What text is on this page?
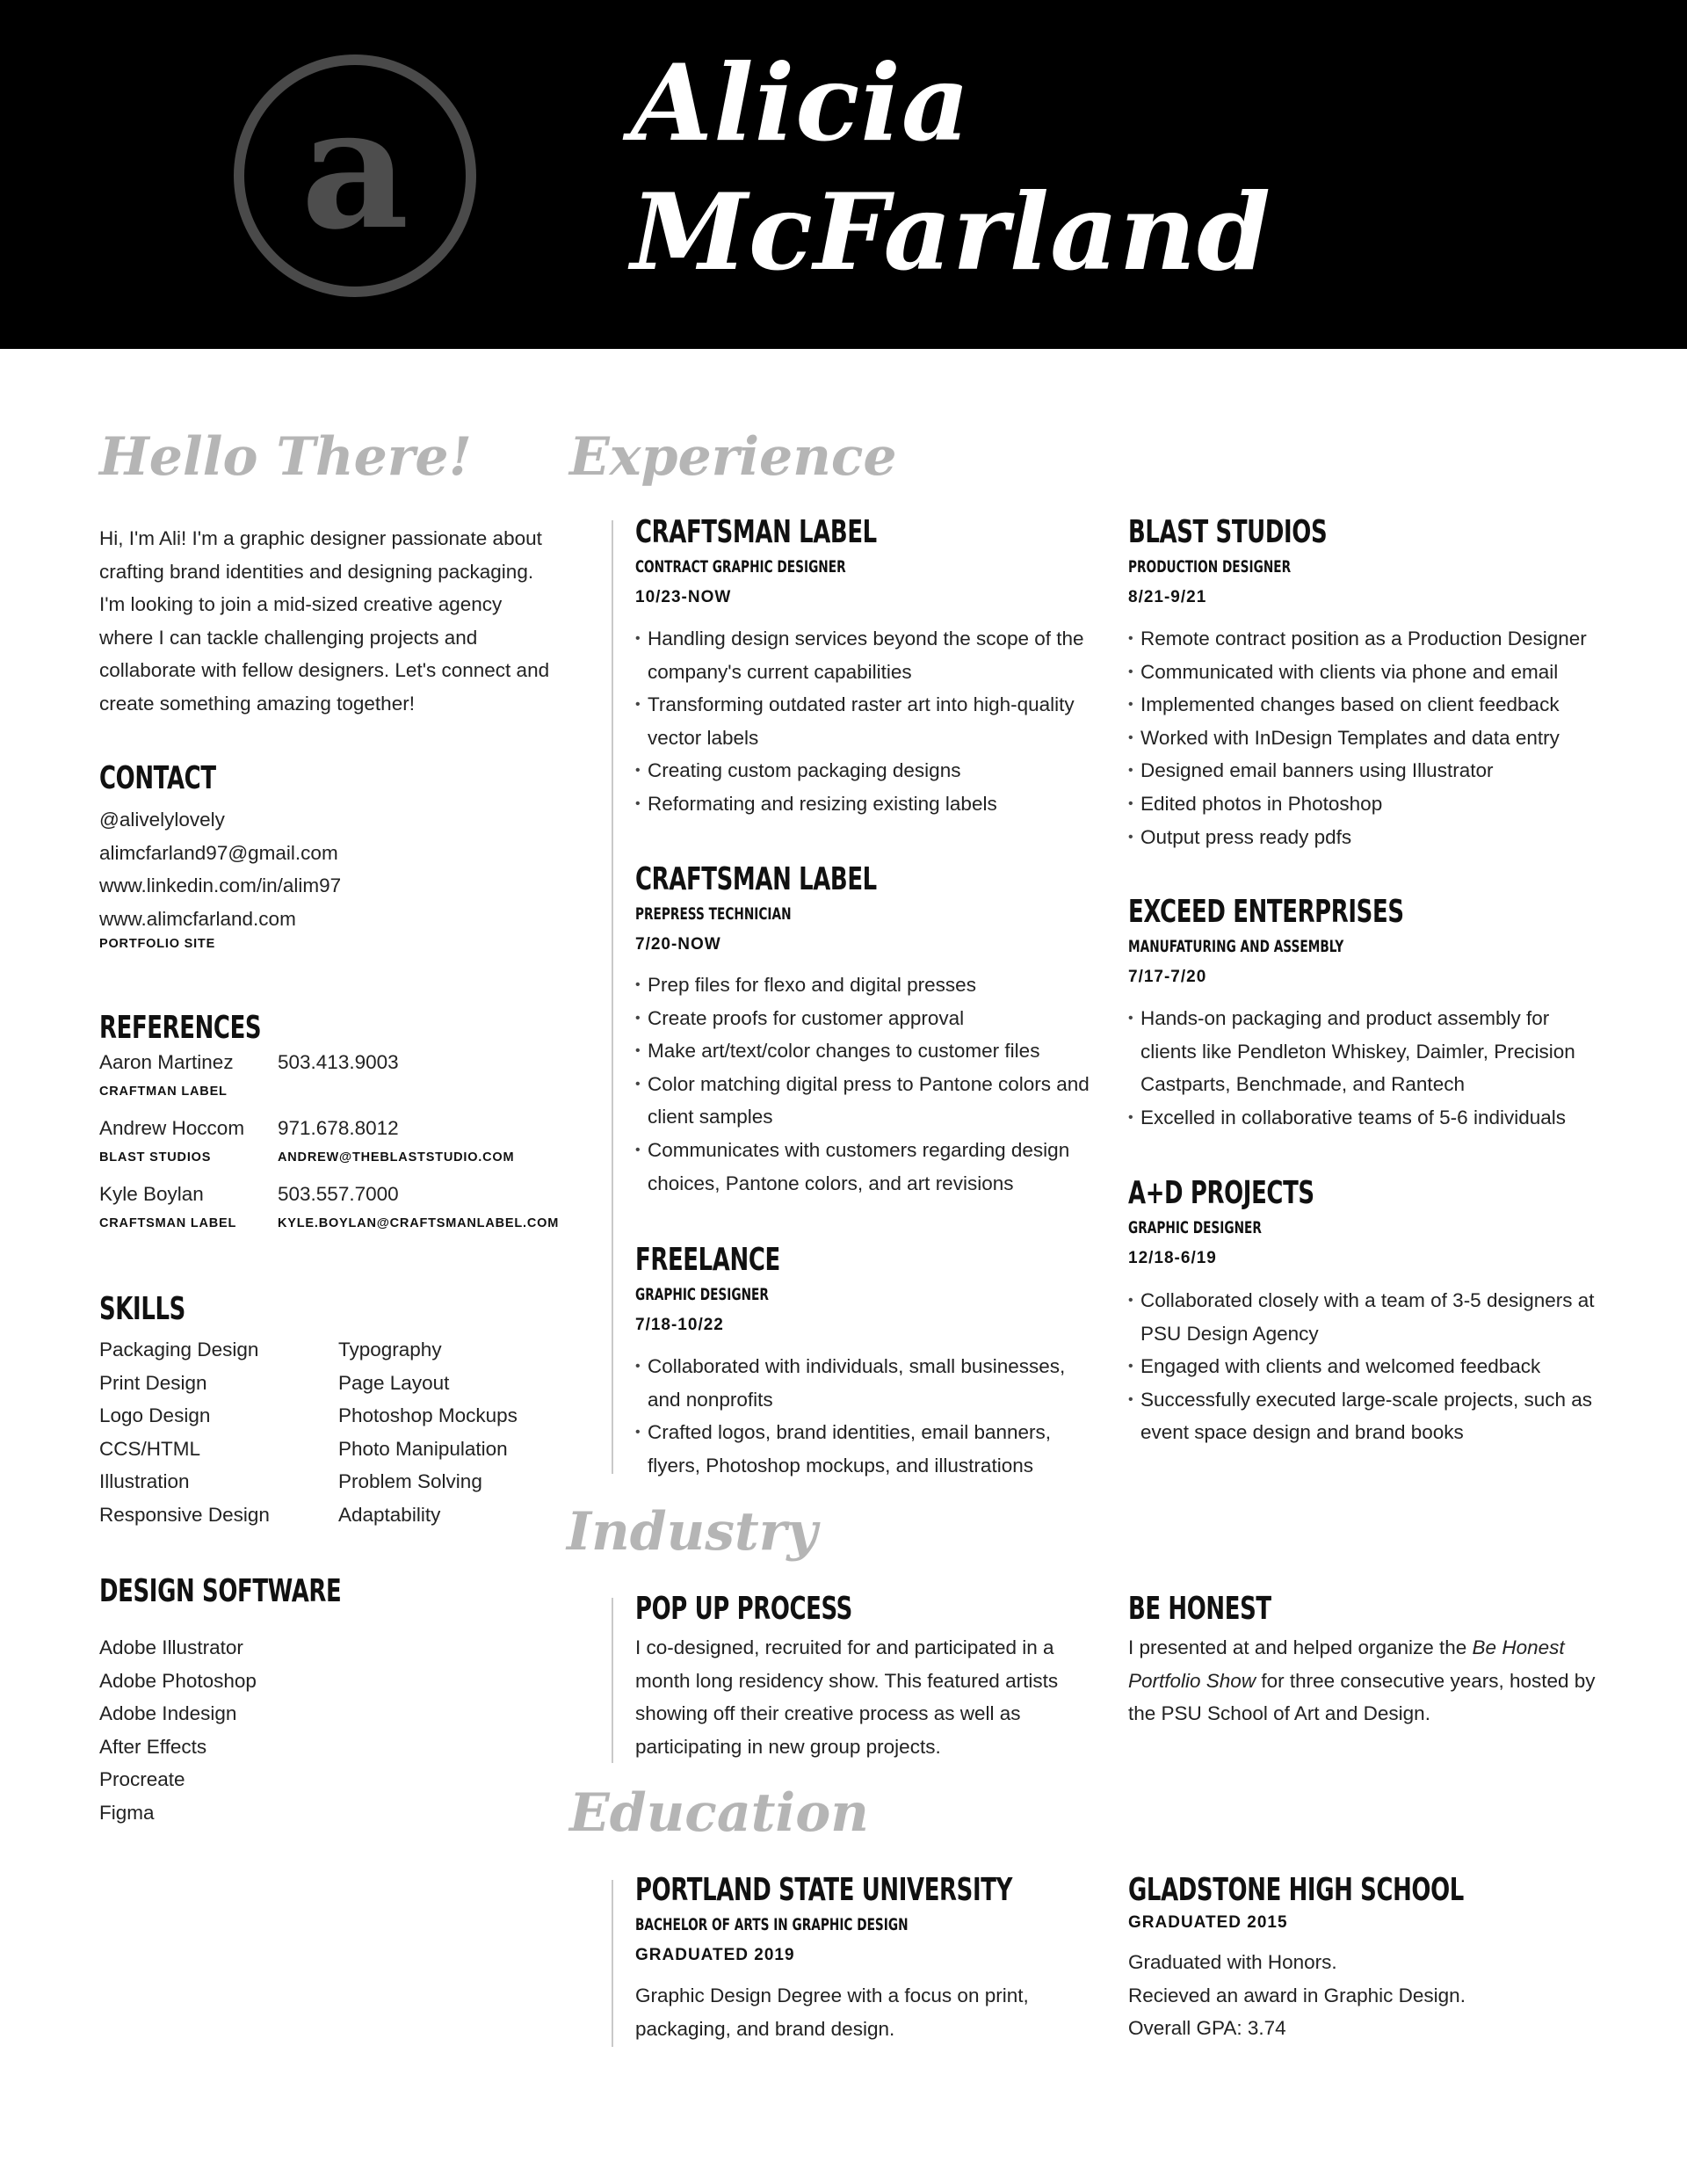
a Alicia
McFarland
Hello There!

Hi, I'm Ali! I'm a graphic designer passionate about crafting brand identities and designing packaging. I'm looking to join a mid-sized creative agency where I can tackle challenging projects and collaborate with fellow designers. Let's connect and create something amazing together!

CONTACT
@alivelylovely
alimcfarland97@gmail.com
www.linkedin.com/in/alim97
www.alimcfarland.com
PORTFOLIO SITE
REFERENCES
Aaron Martinez 503.413.9003
CRAFTMAN LABEL
Andrew Hoccom 971.678.8012
BLAST STUDIOS	ANDREW@THEBLASTSTUDIO.COM
Kyle Boylan	503.557.7000
CRAFTSMAN LABEL	KYLE.BOYLAN@CRAFTSMANLABEL.COM
SKILLS
Packaging Design
Print Design
Logo Design
CCS/HTML
Illustration
Responsive Design
Typography
Page Layout
Photoshop Mockups
Photo Manipulation
Problem Solving
Adaptability
DESIGN SOFTWARE
Adobe Illustrator
Adobe Photoshop
Adobe Indesign
After Effects
Procreate
Figma
Experience
CRAFTSMAN LABEL
CONTRACT GRAPHIC DESIGNER
10/23-NOW
• Handling design services beyond the scope of the company's current capabilities
• Transforming outdated raster art into high-quality vector labels
• Creating custom packaging designs
• Reformating and resizing existing labels
CRAFTSMAN LABEL
PREPRESS TECHNICIAN
7/20-NOW
• Prep files for flexo and digital presses
• Create proofs for customer approval
• Make art/text/color changes to customer files
• Color matching digital press to Pantone colors and client samples
• Communicates with customers regarding design choices, Pantone colors, and art revisions
FREELANCE
GRAPHIC DESIGNER
7/18-10/22
• Collaborated with individuals, small businesses, and nonprofits
• Crafted logos, brand identities, email banners, flyers, Photoshop mockups, and illustrations
BLAST STUDIOS
PRODUCTION DESIGNER
8/21-9/21
• Remote contract position as a Production Designer
• Communicated with clients via phone and email
• Implemented changes based on client feedback
• Worked with InDesign Templates and data entry
• Designed email banners using Illustrator
• Edited photos in Photoshop
• Output press ready pdfs
EXCEED ENTERPRISES
MANUFATURING AND ASSEMBLY
7/17-7/20
• Hands-on packaging and product assembly for clients like Pendleton Whiskey, Daimler, Precision Castparts, Benchmade, and Rantech
• Excelled in collaborative teams of 5-6 individuals
A+D PROJECTS
GRAPHIC DESIGNER
12/18-6/19
• Collaborated closely with a team of 3-5 designers at PSU Design Agency
• Engaged with clients and welcomed feedback
• Successfully executed large-scale projects, such as event space design and brand books
Industry
POP UP PROCESS

I co-designed, recruited for and participated in a month long residency show. This featured artists showing off their creative process as well as participating in new group projects.

BE HONEST

I presented at and helped organize the Be Honest Portfolio Show for three consecutive years, hosted by the PSU School of Art and Design.

Education
PORTLAND STATE UNIVERSITY
BACHELOR OF ARTS IN GRAPHIC DESIGN
GRADUATED 2019

Graphic Design Degree with a focus on print, packaging, and brand design.

GLADSTONE HIGH SCHOOL
GRADUATED 2015
Graduated with Honors.
Recieved an award in Graphic Design.
Overall GPA: 3.74
